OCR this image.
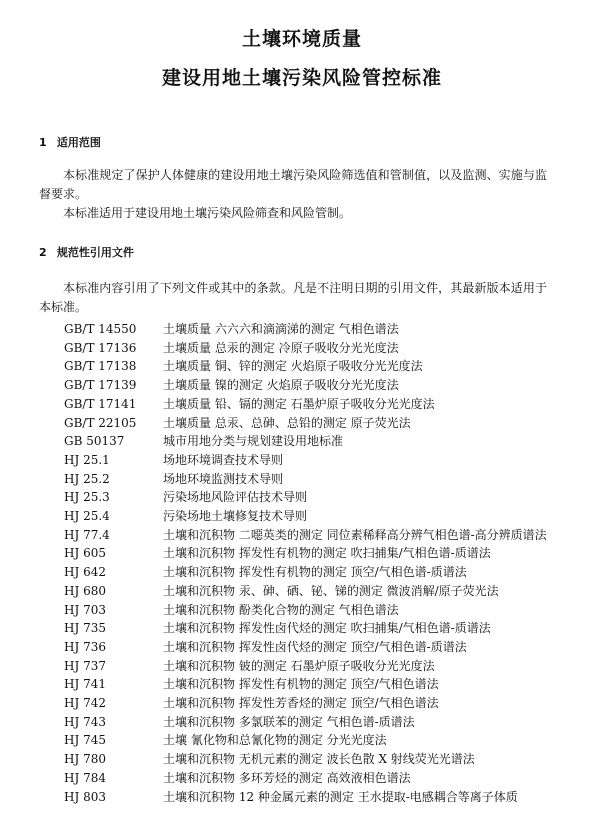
土壤环境质量
建设用地土壤污染风险管控标准
1 适用范围
本标准规定了保护人体健康的建设用地土壤污染风险筛选值和管制值，以及监测、实施与监督要求。
本标准适用于建设用地土壤污染风险筛查和风险管制。
2 规范性引用文件
本标准内容引用了下列文件或其中的条款。凡是不注明日期的引用文件，其最新版本适用于本标准。
GB/T 14550	土壤质量 六六六和滴滴涕的测定 气相色谱法
GB/T 17136	土壤质量 总汞的测定 冷原子吸收分光光度法
GB/T 17138	土壤质量 铜、锌的测定 火焰原子吸收分光光度法
GB/T 17139	土壤质量 镍的测定 火焰原子吸收分光光度法
GB/T 17141	土壤质量 铅、镉的测定 石墨炉原子吸收分光光度法
GB/T 22105	土壤质量 总汞、总砷、总铅的测定 原子荧光法
GB 50137	城市用地分类与规划建设用地标准
HJ 25.1	场地环境调查技术导则
HJ 25.2	场地环境监测技术导则
HJ 25.3	污染场地风险评估技术导则
HJ 25.4	污染场地土壤修复技术导则
HJ 77.4	土壤和沉积物 二噁英类的测定 同位素稀释高分辨气相色谱-高分辨质谱法
HJ 605	土壤和沉积物 挥发性有机物的测定 吹扫捕集/气相色谱-质谱法
HJ 642	土壤和沉积物 挥发性有机物的测定 顶空/气相色谱-质谱法
HJ 680	土壤和沉积物 汞、砷、硒、铋、锑的测定 微波消解/原子荧光法
HJ 703	土壤和沉积物 酚类化合物的测定 气相色谱法
HJ 735	土壤和沉积物 挥发性卤代烃的测定 吹扫捕集/气相色谱-质谱法
HJ 736	土壤和沉积物 挥发性卤代烃的测定 顶空/气相色谱-质谱法
HJ 737	土壤和沉积物 铍的测定 石墨炉原子吸收分光光度法
HJ 741	土壤和沉积物 挥发性有机物的测定 顶空/气相色谱法
HJ 742	土壤和沉积物 挥发性芳香烃的测定 顶空/气相色谱法
HJ 743	土壤和沉积物 多氯联苯的测定 气相色谱-质谱法
HJ 745	土壤 氰化物和总氰化物的测定 分光光度法
HJ 780	土壤和沉积物 无机元素的测定 波长色散 X 射线荧光光谱法
HJ 784	土壤和沉积物 多环芳烃的测定 高效液相色谱法
HJ 803	土壤和沉积物 12 种金属元素的测定 王水提取-电感耦合等离子体质
